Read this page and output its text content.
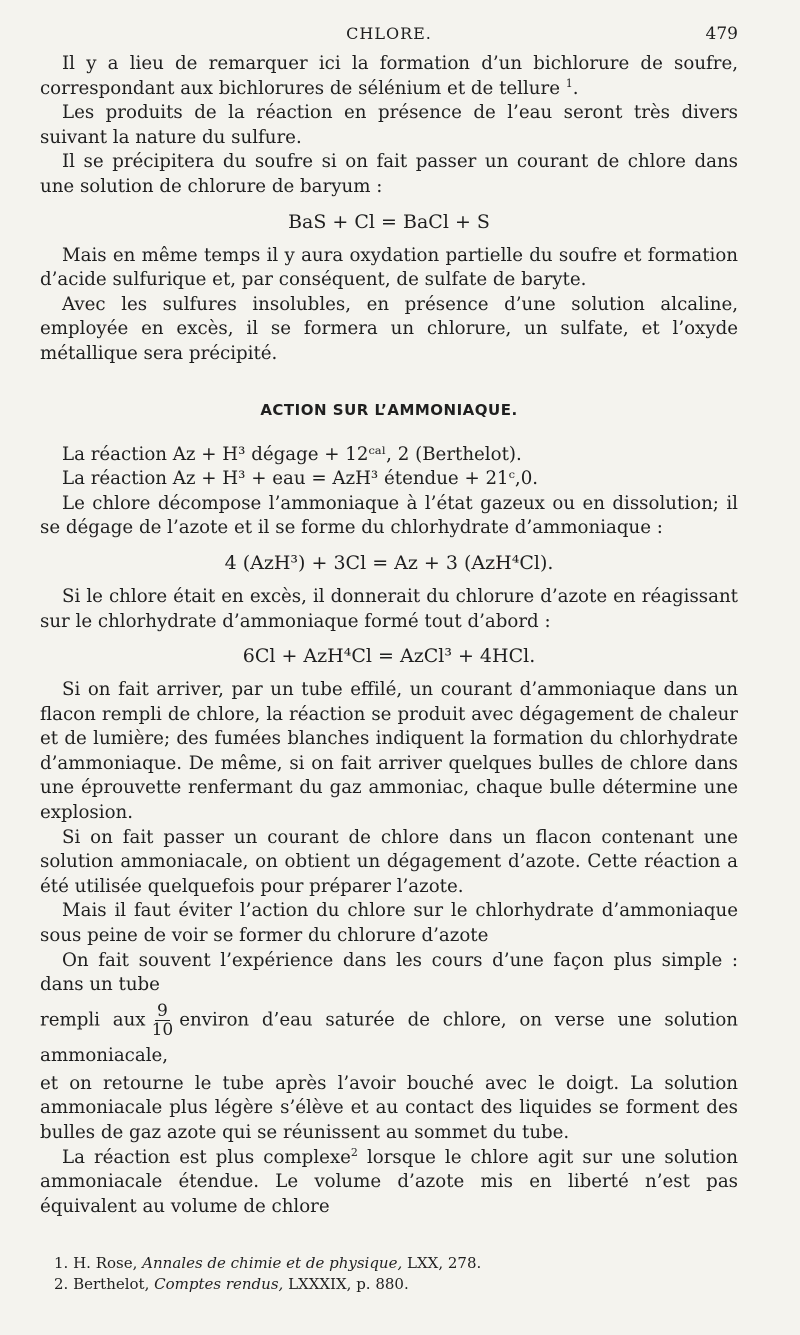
CHLORE.	479

Il y a lieu de remarquer ici la formation d’un bichlorure de soufre, correspondant aux bichlorures de sélénium et de tellure $^1$.

Les produits de la réaction en présence de l’eau seront très divers suivant la nature du sulfure.

Il se précipitera du soufre si on fait passer un courant de chlore dans une solution de chlorure de baryum :

BaS + Cl = BaCl + S

Mais en même temps il y aura oxydation partielle du soufre et formation d’acide sulfurique et, par conséquent, de sulfate de baryte.

Avec les sulfures insolubles, en présence d’une solution alcaline, employée en excès, il se formera un chlorure, un sulfate, et l’oxyde métallique sera précipité.

ACTION SUR L’AMMONIAQUE.

La réaction Az + H³ dégage + 12ᶜᵃˡ, 2 (Berthelot).

La réaction Az + H³ + eau = AzH³ étendue + 21ᶜ,0.

Le chlore décompose l’ammoniaque à l’état gazeux ou en dissolution; il se dégage de l’azote et il se forme du chlorhydrate d’ammoniaque :

4 (AzH³) + 3Cl = Az + 3 (AzH⁴Cl).

Si le chlore était en excès, il donnerait du chlorure d’azote en réagissant sur le chlorhydrate d’ammoniaque formé tout d’abord :

6Cl + AzH⁴Cl = AzCl³ + 4HCl.

Si on fait arriver, par un tube effilé, un courant d’ammoniaque dans un flacon rempli de chlore, la réaction se produit avec dégagement de chaleur et de lumière; des fumées blanches indiquent la formation du chlorhydrate d’ammoniaque. De même, si on fait arriver quelques bulles de chlore dans une éprouvette renfermant du gaz ammoniac, chaque bulle détermine une explosion.

Si on fait passer un courant de chlore dans un flacon contenant une solution ammoniacale, on obtient un dégagement d’azote. Cette réaction a été utilisée quelquefois pour préparer l’azote.

Mais il faut éviter l’action du chlore sur le chlorhydrate d’ammoniaque sous peine de voir se former du chlorure d’azote

On fait souvent l’expérience dans les cours d’une façon plus simple : dans un tube

rempli aux $\frac{9}{10}$ environ d’eau saturée de chlore, on verse une solution ammoniacale,

et on retourne le tube après l’avoir bouché avec le doigt. La solution ammoniacale plus légère s’élève et au contact des liquides se forment des bulles de gaz azote qui se réunissent au sommet du tube.

La réaction est plus complexe$^2$ lorsque le chlore agit sur une solution ammoniacale étendue. Le volume d’azote mis en liberté n’est pas équivalent au volume de chlore

1. H. Rose, Annales de chimie et de physique, LXX, 278.

2. Berthelot, Comptes rendus, LXXXIX, p. 880.
